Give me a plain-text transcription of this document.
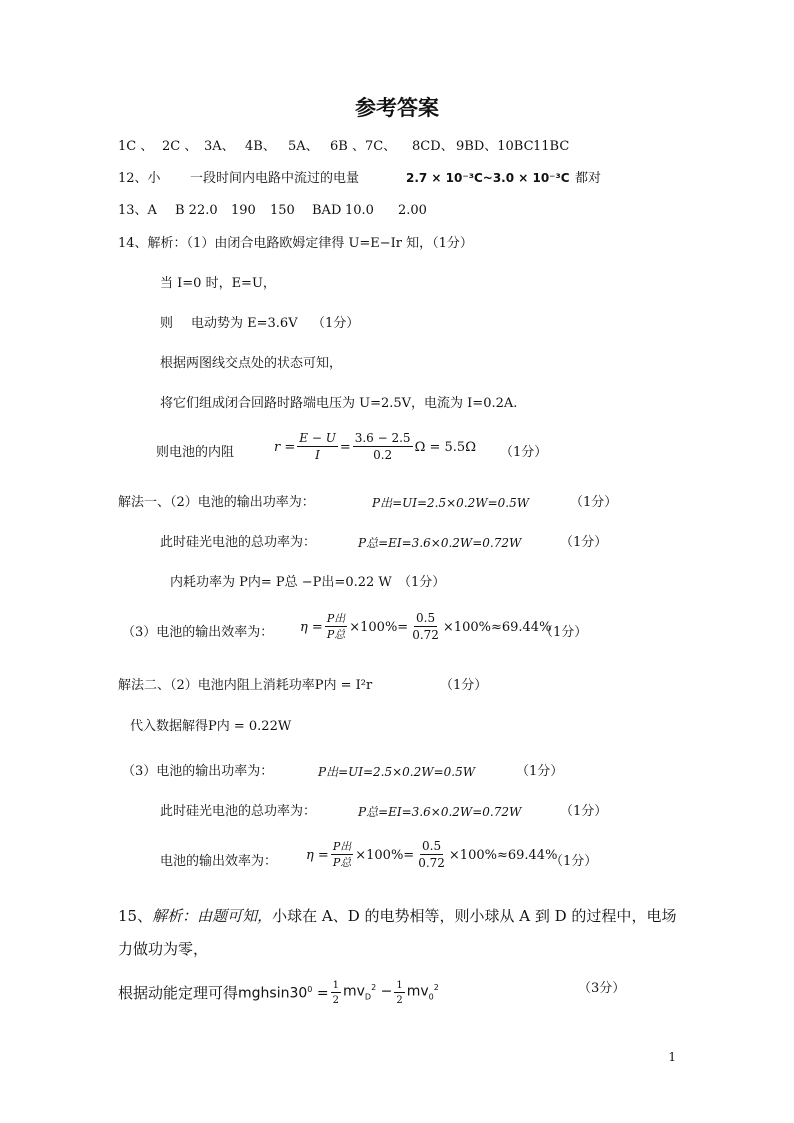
参考答案
1C 、 2C 、 3A、 4B、 5A、 6B 、7C、 8CD、 9BD、10BC 11BC
12、小 一段时间内电路中流过的电量	2.7 × 10⁻³C~3.0 × 10⁻³C 都对
13、A B 22.0 190 150 BAD 10.0 2.00
14、解析：（1）由闭合电路欧姆定律得 U=E−Ir 知，（1分）
当 I=0 时，E=U，
则 电动势为 E=3.6V （1分）
根据两图线交点处的状态可知，
将它们组成闭合回路时路端电压为 U=2.5V，电流为 I=0.2A.
则电池的内阻	$r = \frac{E - U}{I} = \frac{3.6 - 2.5}{0.2}$ Ω = 5.5Ω （1分）
解法一、（2）电池的输出功率为：	P出=UI=2.5×0.2W=0.5W	（1分）
此时硅光电池的总功率为：	P总=EI=3.6×0.2W=0.72W	（1分）
内耗功率为 P内= P总 −P出=0.22 W （1分）
（3）电池的输出效率为： $\eta = \frac{\text{P出}}{\text{P总}} \times 100\%= \frac{0.5}{0.72} \times 100\%\approx 69.44\%$
（1分）
解法二、（2）电池内阻上消耗功率P内 = I²r	（1分）
代入数据解得P内 = 0.22W
（3）电池的输出功率为：	P出=UI=2.5×0.2W=0.5W	（1分）
此时硅光电池的总功率为：	P总=EI=3.6×0.2W=0.72W	（1分）
电池的输出效率为： $\eta = \frac{\text{P出}}{\text{P总}} \times 100\%= \frac{0.5}{0.72} \times 100\%\approx 69.44\%$
（1分）
15、解析：由题可知，小球在 A、D 的电势相等，则小球从 A 到 D 的过程中，电场
力做功为零，
根据动能定理可得 $mghsin30^0 = \frac{1}{2} mv_D^2 - \frac{1}{2} mv_0^2$	（3分）
1
